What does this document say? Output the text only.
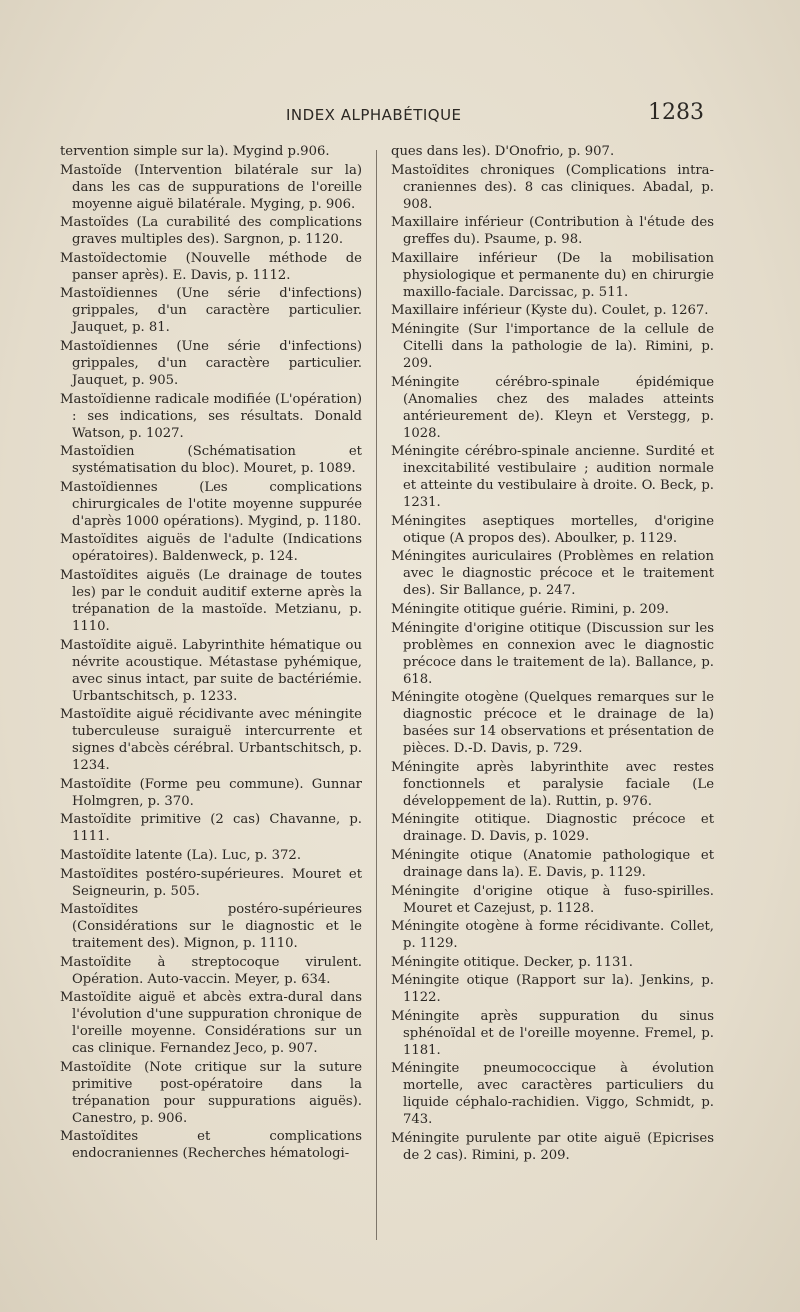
INDEX ALPHABÉTIQUE	1283

tervention simple sur la). Mygind p.906.

Mastoïde (Intervention bilatérale sur la) dans les cas de suppurations de l'oreille moyenne aiguë bilatérale. Myging, p. 906.

Mastoïdes (La curabilité des complications graves multiples des). Sargnon, p. 1120.

Mastoïdectomie (Nouvelle méthode de panser après). E. Davis, p. 1112.

Mastoïdiennes (Une série d'infections) grippales, d'un caractère particulier. Jauquet, p. 81.

Mastoïdiennes (Une série d'infections) grippales, d'un caractère particulier. Jauquet, p. 905.

Mastoïdienne radicale modifiée (L'opération) : ses indications, ses résultats. Donald Watson, p. 1027.

Mastoïdien (Schématisation et systématisation du bloc). Mouret, p. 1089.

Mastoïdiennes (Les complications chirurgicales de l'otite moyenne suppurée d'après 1000 opérations). Mygind, p. 1180.

Mastoïdites aiguës de l'adulte (Indications opératoires). Baldenweck, p. 124.

Mastoïdites aiguës (Le drainage de toutes les) par le conduit auditif externe après la trépanation de la mastoïde. Metzianu, p. 1110.

Mastoïdite aiguë. Labyrinthite hématique ou névrite acoustique. Métastase pyhémique, avec sinus intact, par suite de bactériémie. Urbantschitsch, p. 1233.

Mastoïdite aiguë récidivante avec méningite tuberculeuse suraiguë intercurrente et signes d'abcès cérébral. Urbantschitsch, p. 1234.

Mastoïdite (Forme peu commune). Gunnar Holmgren, p. 370.

Mastoïdite primitive (2 cas) Chavanne, p. 1111.

Mastoïdite latente (La). Luc, p. 372.

Mastoïdites postéro-supérieures. Mouret et Seigneurin, p. 505.

Mastoïdites postéro-supérieures (Considérations sur le diagnostic et le traitement des). Mignon, p. 1110.

Mastoïdite à streptocoque virulent. Opération. Auto-vaccin. Meyer, p. 634.

Mastoïdite aiguë et abcès extra-dural dans l'évolution d'une suppuration chronique de l'oreille moyenne. Considérations sur un cas clinique. Fernandez Jeco, p. 907.

Mastoïdite (Note critique sur la suture primitive post-opératoire dans la trépanation pour suppurations aiguës). Canestro, p. 906.

Mastoïdites et complications endocraniennes (Recherches hématologi-

ques dans les). D'Onofrio, p. 907.

Mastoïdites chroniques (Complications intra-craniennes des). 8 cas cliniques. Abadal, p. 908.

Maxillaire inférieur (Contribution à l'étude des greffes du). Psaume, p. 98.

Maxillaire inférieur (De la mobilisation physiologique et permanente du) en chirurgie maxillo-faciale. Darcissac, p. 511.

Maxillaire inférieur (Kyste du). Coulet, p. 1267.

Méningite (Sur l'importance de la cellule de Citelli dans la pathologie de la). Rimini, p. 209.

Méningite cérébro-spinale épidémique (Anomalies chez des malades atteints antérieurement de). Kleyn et Verstegg, p. 1028.

Méningite cérébro-spinale ancienne. Surdité et inexcitabilité vestibulaire ; audition normale et atteinte du vestibulaire à droite. O. Beck, p. 1231.

Méningites aseptiques mortelles, d'origine otique (A propos des). Aboulker, p. 1129.

Méningites auriculaires (Problèmes en relation avec le diagnostic précoce et le traitement des). Sir Ballance, p. 247.

Méningite otitique guérie. Rimini, p. 209.

Méningite d'origine otitique (Discussion sur les problèmes en connexion avec le diagnostic précoce dans le traitement de la). Ballance, p. 618.

Méningite otogène (Quelques remarques sur le diagnostic précoce et le drainage de la) basées sur 14 observations et présentation de pièces. D.-D. Davis, p. 729.

Méningite après labyrinthite avec restes fonctionnels et paralysie faciale (Le développement de la). Ruttin, p. 976.

Méningite otitique. Diagnostic précoce et drainage. D. Davis, p. 1029.

Méningite otique (Anatomie pathologique et drainage dans la). E. Davis, p. 1129.

Méningite d'origine otique à fuso-spirilles. Mouret et Cazejust, p. 1128.

Méningite otogène à forme récidivante. Collet, p. 1129.

Méningite otitique. Decker, p. 1131.

Méningite otique (Rapport sur la). Jenkins, p. 1122.

Méningite après suppuration du sinus sphénoïdal et de l'oreille moyenne. Fremel, p. 1181.

Méningite pneumococcique à évolution mortelle, avec caractères particuliers du liquide céphalo-rachidien. Viggo, Schmidt, p. 743.

Méningite purulente par otite aiguë (Epicrises de 2 cas). Rimini, p. 209.
